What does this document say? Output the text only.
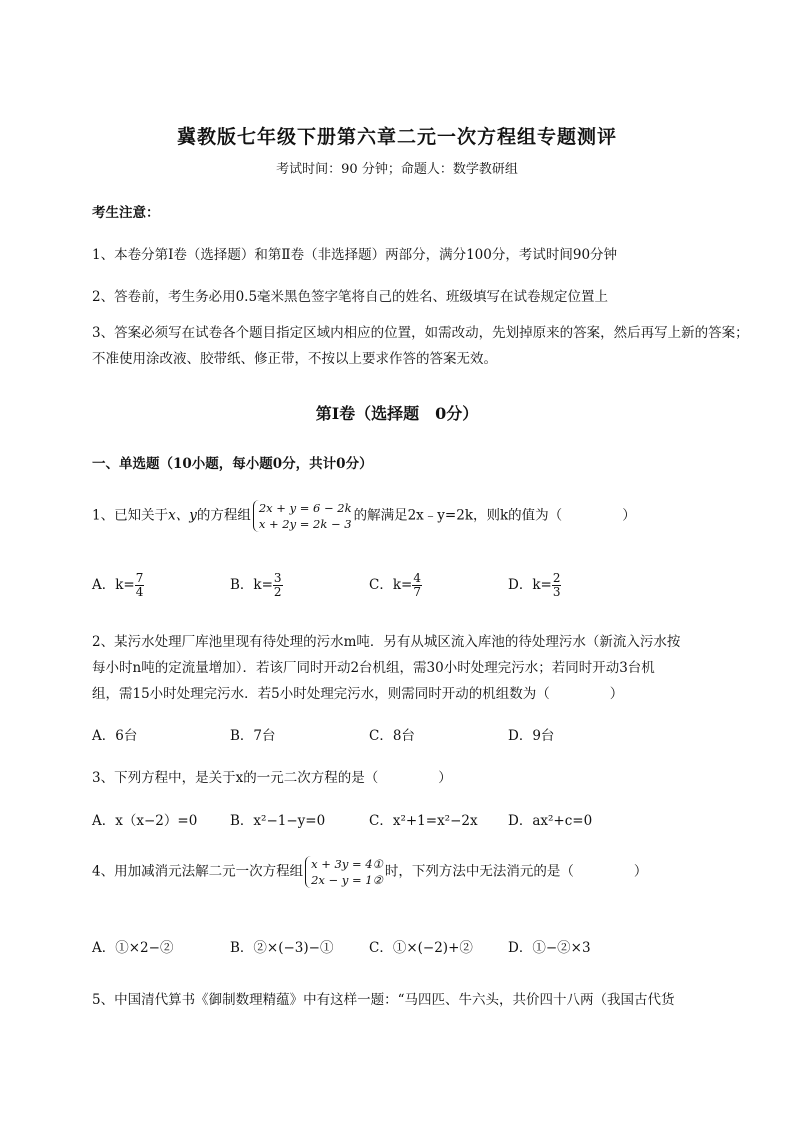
冀教版七年级下册第六章二元一次方程组专题测评
考试时间：90 分钟；命题人：数学教研组
考生注意：
1、本卷分第Ⅰ卷（选择题）和第Ⅱ卷（非选择题）两部分，满分100分，考试时间90分钟
2、答卷前，考生务必用0.5毫米黑色签字笔将自己的姓名、班级填写在试卷规定位置上
3、答案必须写在试卷各个题目指定区域内相应的位置，如需改动，先划掉原来的答案，然后再写上新的答案；不准使用涂改液、胶带纸、修正带，不按以上要求作答的答案无效。
第Ⅰ卷（选择题　0分）
一、单选题（10小题，每小题0分，共计0分）
1、已知关于x、y的方程组 2x + y = 6 − 2k
x + 2y = 2k − 3的解满足2x﹣y=2k，则k的值为（	）
A．$k= \frac{7}{4}$	B．$k= \frac{3}{2}$	C．$k= \frac{4}{7}$	D．$k= \frac{2}{3}$
2、某污水处理厂库池里现有待处理的污水m吨．另有从城区流入库池的待处理污水（新流入污水按
每小时n吨的定流量增加）．若该厂同时开动2台机组，需30小时处理完污水；若同时开动3台机
组，需15小时处理完污水．若5小时处理完污水，则需同时开动的机组数为（	）
A．6台	B．7台	C．8台	D．9台
3、下列方程中，是关于x的一元二次方程的是（	）
A．x（x−2）=0 B．x²−1−y=0	C．x²+1=x²−2x D．ax²+c=0
4、用加减消元法解二元一次方程组 x + 3y = 4①
2x − y = 1②时，下列方法中无法消元的是（	）
A．①×2−②	B．②×(−3)−①	C．①×(−2)+②	D．①−②×3
5、中国清代算书《御制数理精蕴》中有这样一题：“马四匹、牛六头，共价四十八两（我国古代货
